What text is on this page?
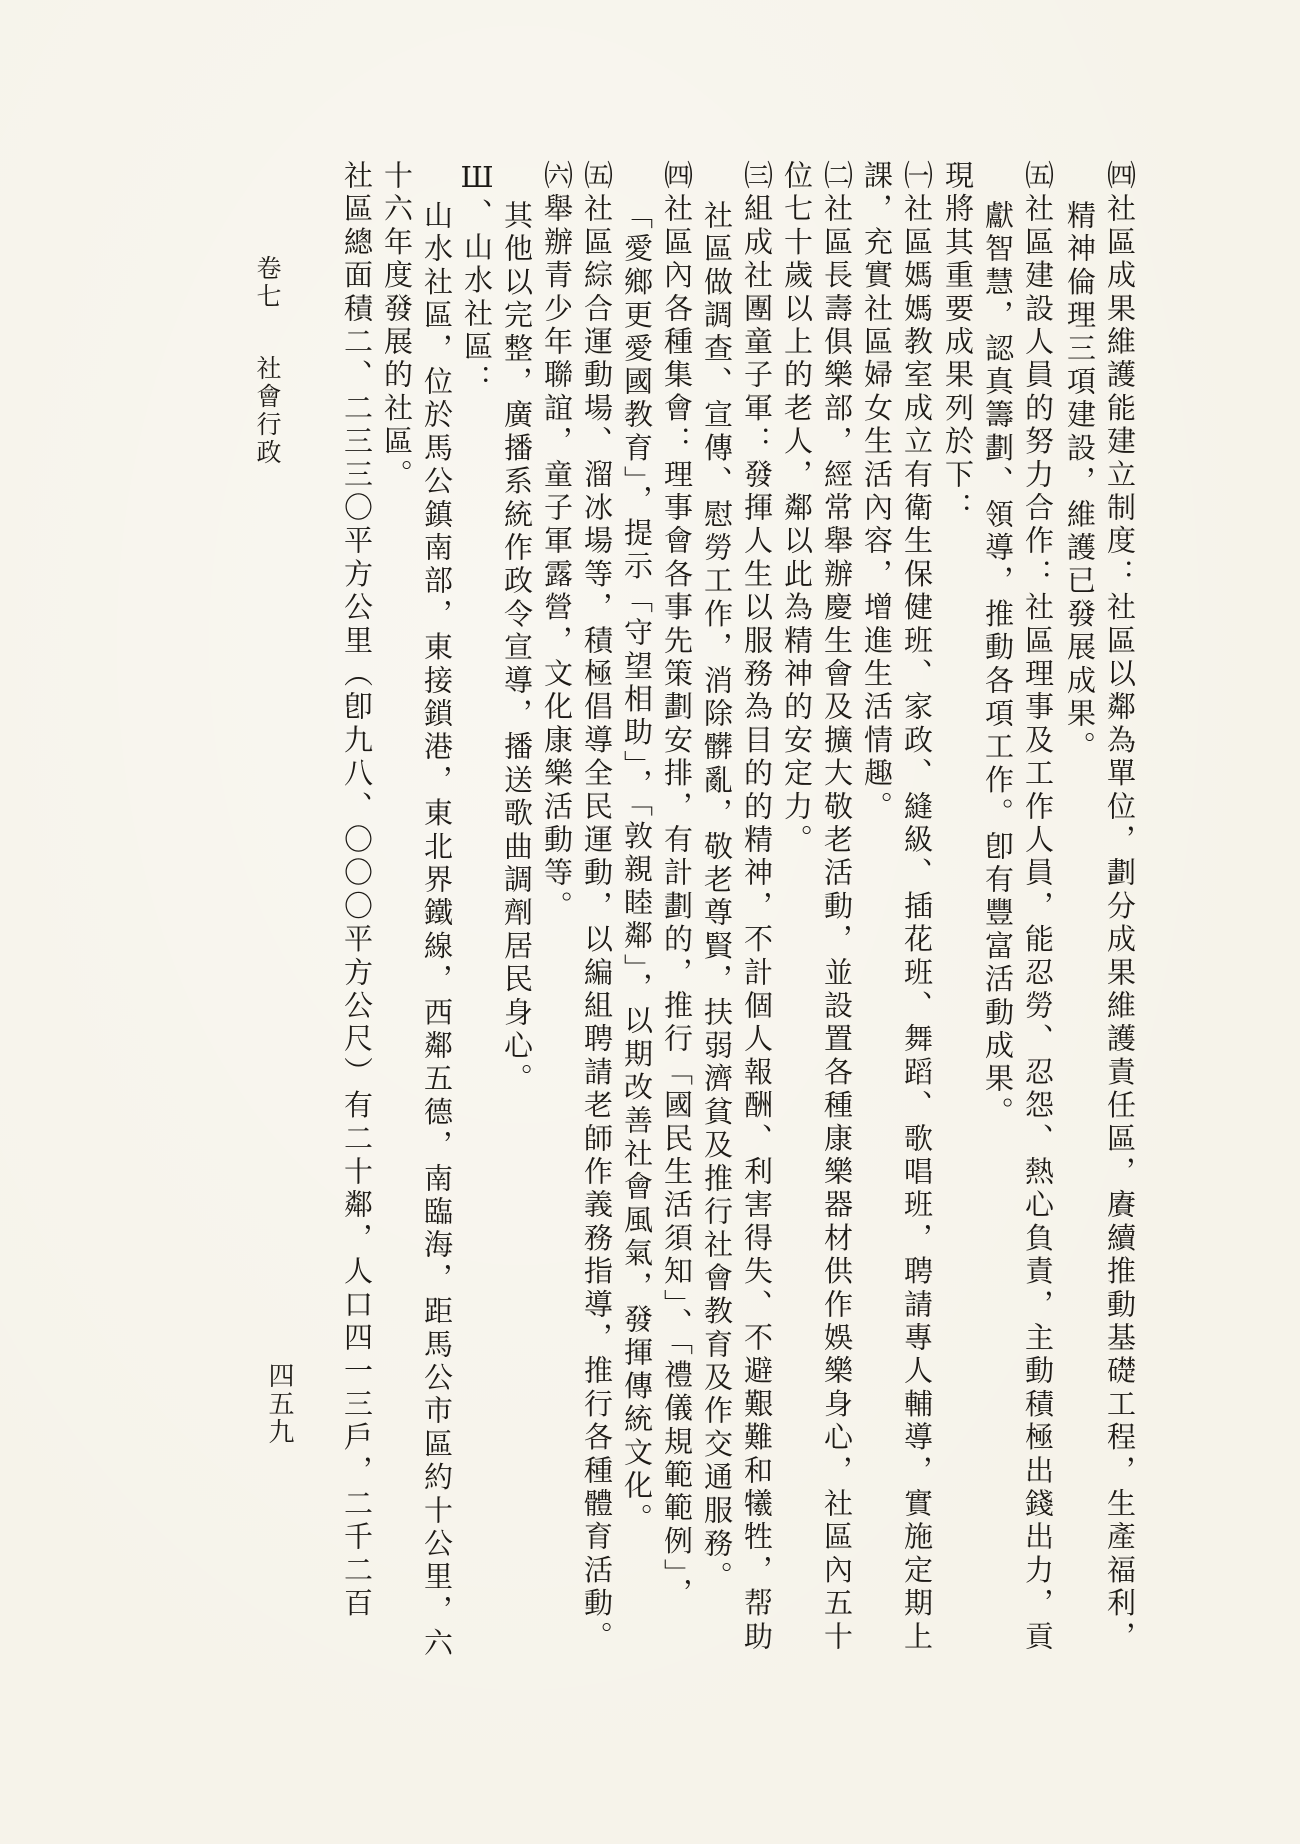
㈣社區成果維護能建立制度：社區以鄰為單位，劃分成果維護責任區，賡續推動基礎工程，生產福利，
精神倫理三項建設，維護已發展成果。
㈤社區建設人員的努力合作：社區理事及工作人員，能忍勞、忍怨、熱心負責，主動積極出錢出力，貢
獻智慧，認真籌劃、領導，推動各項工作。卽有豐富活動成果。
現將其重要成果列於下：
㈠社區媽媽教室成立有衛生保健班、家政、縫級、插花班、舞蹈、歌唱班，聘請專人輔導，實施定期上
課，充實社區婦女生活內容，增進生活情趣。
㈡社區長壽俱樂部，經常舉辦慶生會及擴大敬老活動，並設置各種康樂器材供作娛樂身心，社區內五十
位七十歲以上的老人，鄰以此為精神的安定力。
㈢組成社團童子軍：發揮人生以服務為目的的精神，不計個人報酬、利害得失、不避艱難和犧牲，帮助
社區做調查、宣傳、慰勞工作，消除髒亂，敬老尊賢，扶弱濟貧及推行社會教育及作交通服務。
㈣社區內各種集會：理事會各事先策劃安排，有計劃的，推行「國民生活須知」、「禮儀規範範例」，
「愛鄉更愛國教育」，提示「守望相助」，「敦親睦鄰」，以期改善社會風氣，發揮傳統文化。
㈤社區綜合運動場、溜冰場等，積極倡導全民運動，以編組聘請老師作義務指導，推行各種體育活動。
㈥舉辦青少年聯誼，童子軍露營，文化康樂活動等。
其他以完整，廣播系統作政令宣導，播送歌曲調劑居民身心。
Ш、山水社區：
山水社區，位於馬公鎮南部，東接鎖港，東北界鐵線，西鄰五德，南臨海，距馬公市區約十公里，六
十六年度發展的社區。
社區總面積二、二三三〇平方公里（卽九八、〇〇〇平方公尺）有二十鄰，人口四一三戶，二千二百
卷七
社會行政
四五九
